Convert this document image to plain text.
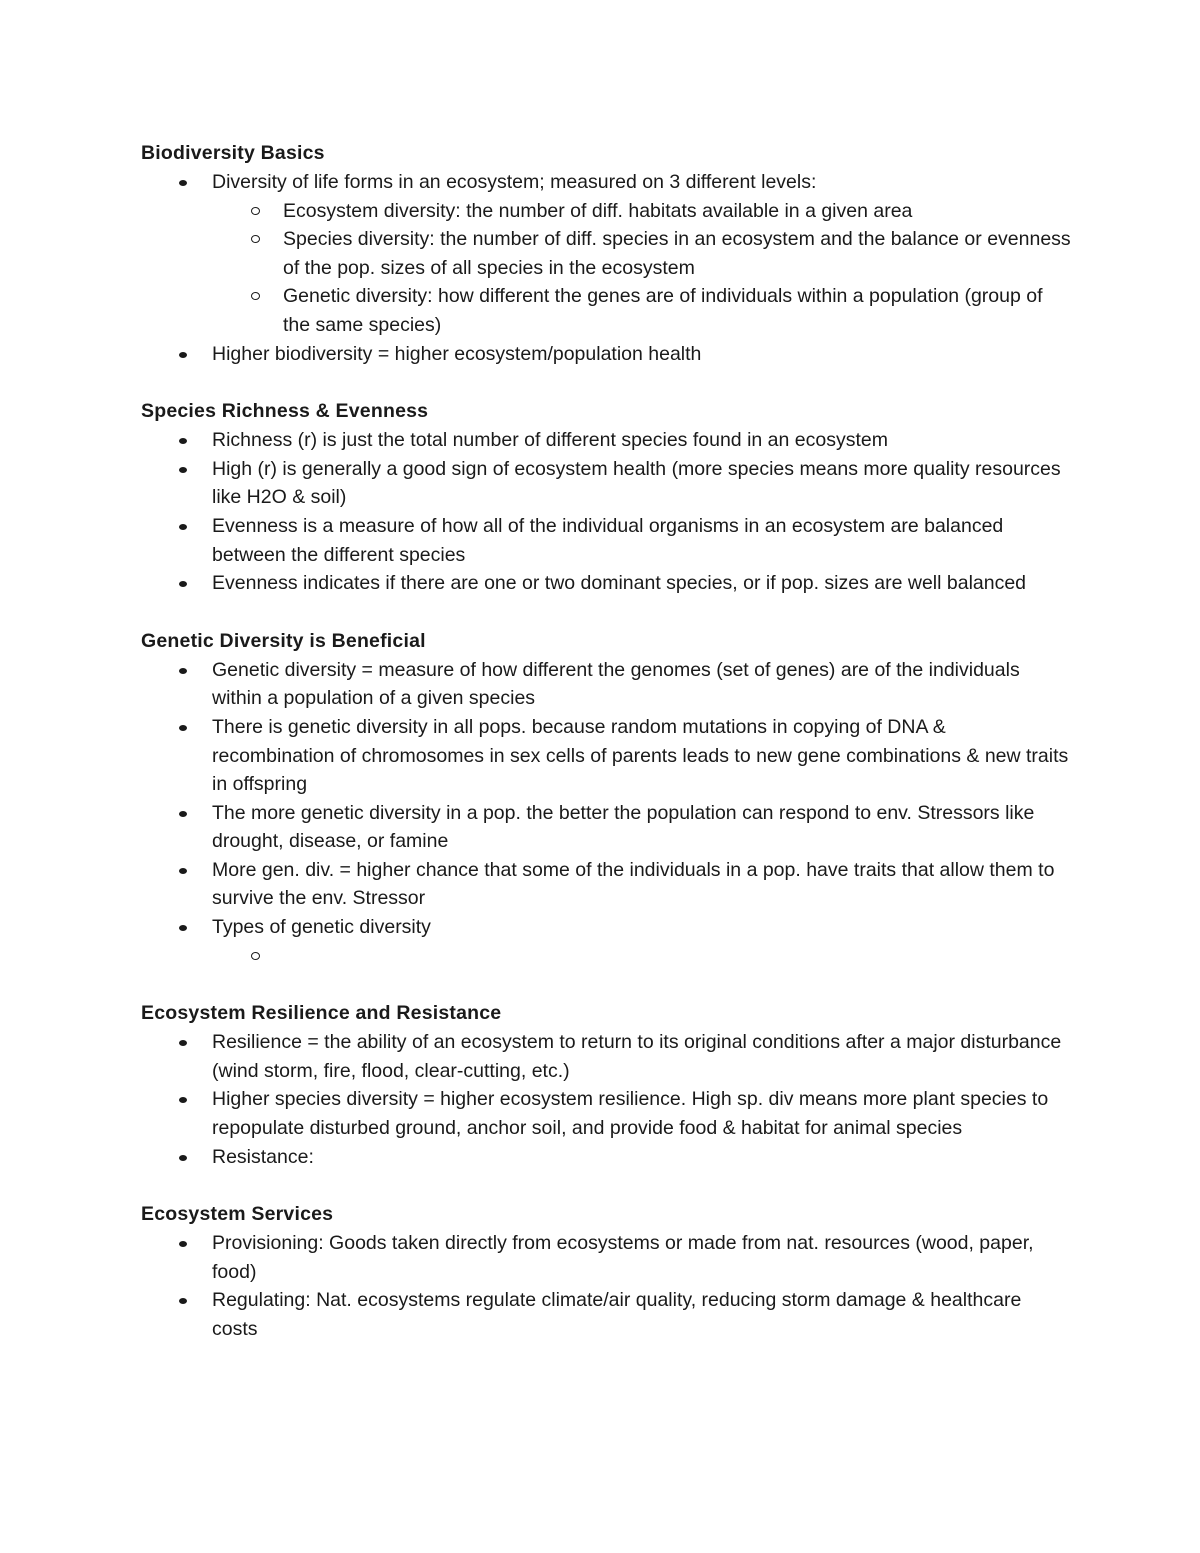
Biodiversity Basics

Diversity of life forms in an ecosystem; measured on 3 different levels:
Ecosystem diversity: the number of diff. habitats available in a given area
Species diversity: the number of diff. species in an ecosystem and the balance or evenness of the pop. sizes of all species in the ecosystem
Genetic diversity: how different the genes are of individuals within a population (group of the same species)
Higher biodiversity = higher ecosystem/population health

Species Richness & Evenness

Richness (r) is just the total number of different species found in an ecosystem
High (r) is generally a good sign of ecosystem health (more species means more quality resources like H2O & soil)
Evenness is a measure of how all of the individual organisms in an ecosystem are balanced between the different species
Evenness indicates if there are one or two dominant species, or if pop. sizes are well balanced

Genetic Diversity is Beneficial

Genetic diversity = measure of how different the genomes (set of genes) are of the individuals within a population of a given species
There is genetic diversity in all pops. because random mutations in copying of DNA & recombination of chromosomes in sex cells of parents leads to new gene combinations & new traits in offspring
The more genetic diversity in a pop. the better the population can respond to env. Stressors like drought, disease, or famine
More gen. div. = higher chance that some of the individuals in a pop. have traits that allow them to survive the env. Stressor
Types of genetic diversity

Ecosystem Resilience and Resistance

Resilience = the ability of an ecosystem to return to its original conditions after a major disturbance (wind storm, fire, flood, clear-cutting, etc.)
Higher species diversity = higher ecosystem resilience. High sp. div means more plant species to repopulate disturbed ground, anchor soil, and provide food & habitat for animal species
Resistance:

Ecosystem Services

Provisioning: Goods taken directly from ecosystems or made from nat. resources (wood, paper, food)
Regulating: Nat. ecosystems regulate climate/air quality, reducing storm damage & healthcare costs
